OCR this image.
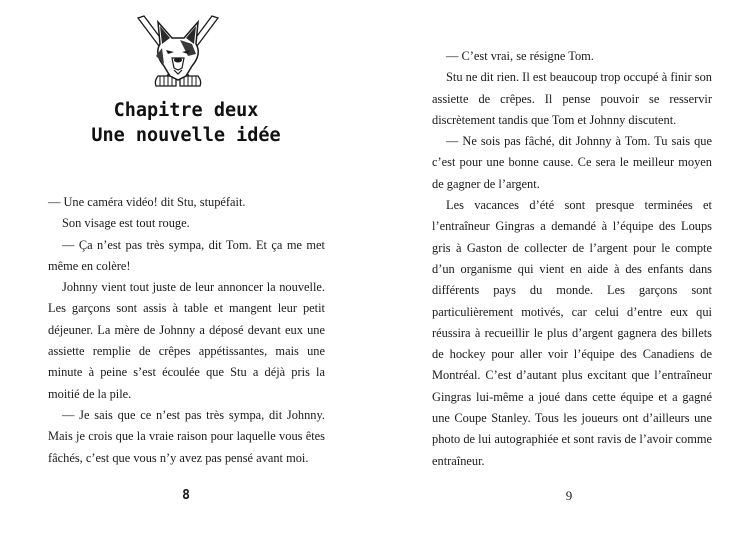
Chapitre deux
Une nouvelle idée

— Une caméra vidéo! dit Stu, stupéfait.

Son visage est tout rouge.

— Ça n’est pas très sympa, dit Tom. Et ça me met même en colère!

Johnny vient tout juste de leur annoncer la nouvelle. Les garçons sont assis à table et mangent leur petit déjeuner. La mère de Johnny a déposé devant eux une assiette remplie de crêpes appétissantes, mais une minute à peine s’est écoulée que Stu a déjà pris la moitié de la pile.

— Je sais que ce n’est pas très sympa, dit Johnny. Mais je crois que la vraie raison pour laquelle vous êtes fâchés, c’est que vous n’y avez pas pensé avant moi.

8

— C’est vrai, se résigne Tom.

Stu ne dit rien. Il est beaucoup trop occupé à finir son assiette de crêpes. Il pense pouvoir se resservir discrètement tandis que Tom et Johnny discutent.

— Ne sois pas fâché, dit Johnny à Tom. Tu sais que c’est pour une bonne cause. Ce sera le meilleur moyen de gagner de l’argent.

Les vacances d’été sont presque terminées et l’entraîneur Gingras a demandé à l’équipe des Loups gris à Gaston de collecter de l’argent pour le compte d’un organisme qui vient en aide à des enfants dans différents pays du monde. Les garçons sont particulièrement motivés, car celui d’entre eux qui réussira à recueillir le plus d’argent gagnera des billets de hockey pour aller voir l’équipe des Canadiens de Montréal. C’est d’autant plus excitant que l’entraîneur Gingras lui-même a joué dans cette équipe et a gagné une Coupe Stanley. Tous les joueurs ont d’ailleurs une photo de lui autographiée et sont ravis de l’avoir comme entraîneur.

9
